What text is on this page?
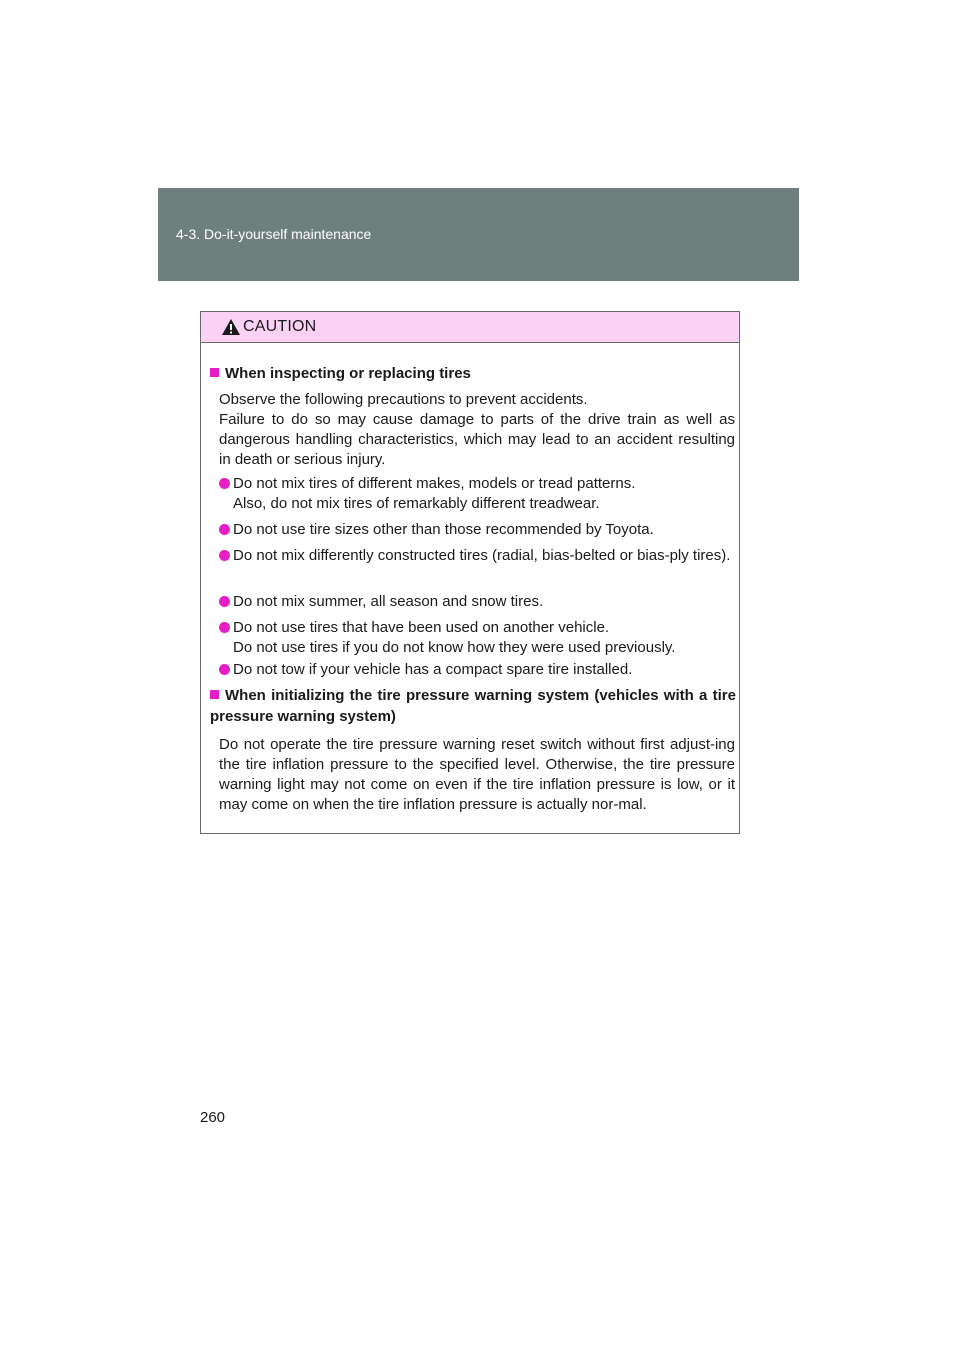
4-3. Do-it-yourself maintenance
CAUTION
When inspecting or replacing tires
Observe the following precautions to prevent accidents.
Failure to do so may cause damage to parts of the drive train as well as dangerous handling characteristics, which may lead to an accident resulting in death or serious injury.
Do not mix tires of different makes, models or tread patterns.
Also, do not mix tires of remarkably different treadwear.
Do not use tire sizes other than those recommended by Toyota.
Do not mix differently constructed tires (radial, bias-belted or bias-ply tires).
Do not mix summer, all season and snow tires.
Do not use tires that have been used on another vehicle.
Do not use tires if you do not know how they were used previously.
Do not tow if your vehicle has a compact spare tire installed.
When initializing the tire pressure warning system (vehicles with a tire pressure warning system)
Do not operate the tire pressure warning reset switch without first adjust-ing the tire inflation pressure to the specified level. Otherwise, the tire pressure warning light may not come on even if the tire inflation pressure is low, or it may come on when the tire inflation pressure is actually nor-mal.
260
